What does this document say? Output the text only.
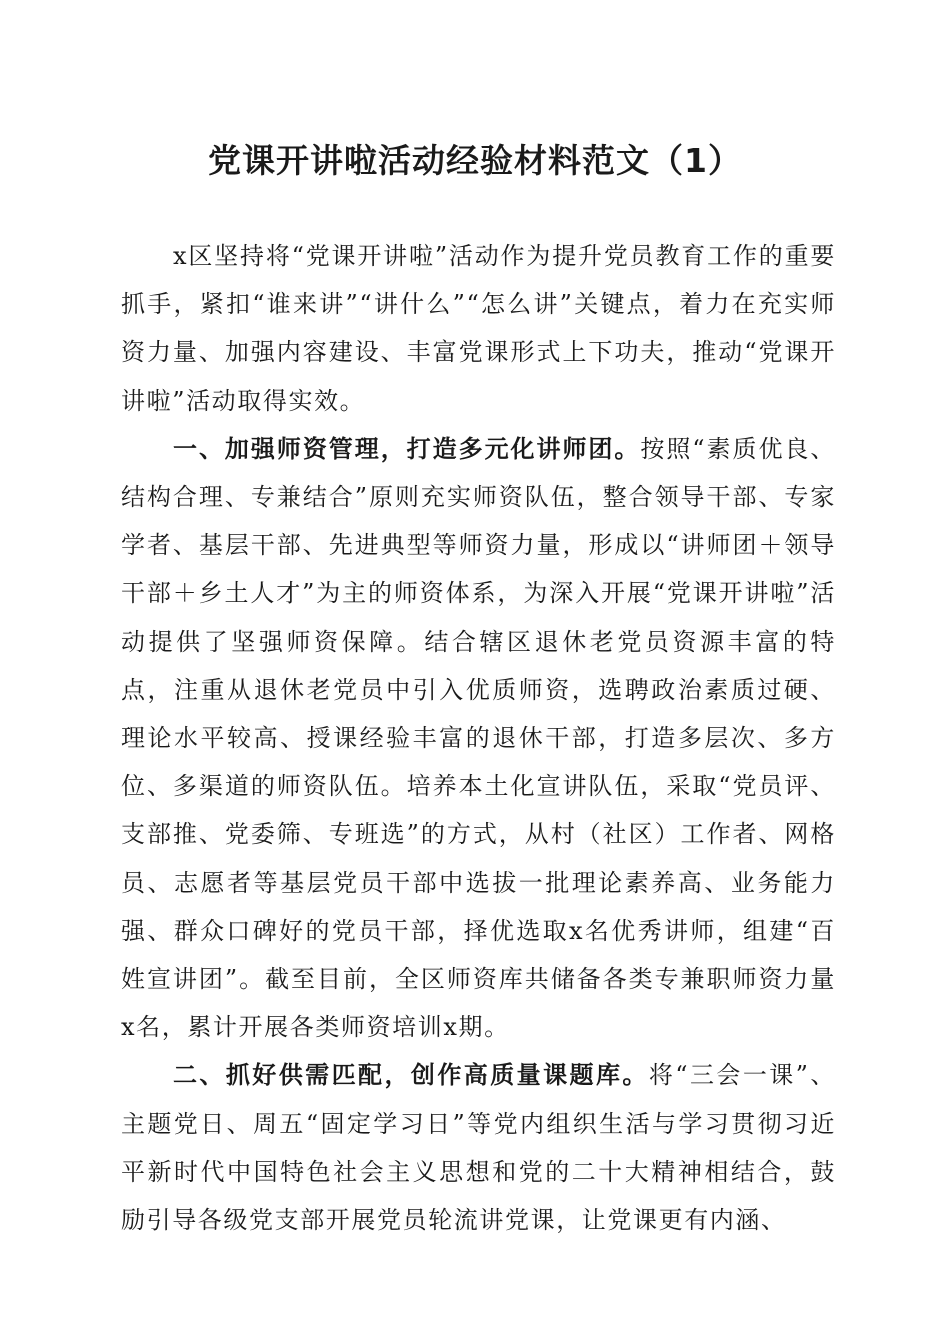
党课开讲啦活动经验材料范文（1）

x区坚持将“党课开讲啦”活动作为提升党员教育工作的重要抓手，紧扣“谁来讲”“讲什么”“怎么讲”关键点，着力在充实师资力量、加强内容建设、丰富党课形式上下功夫，推动“党课开讲啦”活动取得实效。

一、加强师资管理，打造多元化讲师团。按照“素质优良、结构合理、专兼结合”原则充实师资队伍，整合领导干部、专家学者、基层干部、先进典型等师资力量，形成以“讲师团＋领导干部＋乡土人才”为主的师资体系，为深入开展“党课开讲啦”活动提供了坚强师资保障。结合辖区退休老党员资源丰富的特点，注重从退休老党员中引入优质师资，选聘政治素质过硬、理论水平较高、授课经验丰富的退休干部，打造多层次、多方位、多渠道的师资队伍。培养本土化宣讲队伍，采取“党员评、支部推、党委筛、专班选”的方式，从村（社区）工作者、网格员、志愿者等基层党员干部中选拔一批理论素养高、业务能力强、群众口碑好的党员干部，择优选取x名优秀讲师，组建“百姓宣讲团”。截至目前，全区师资库共储备各类专兼职师资力量x名，累计开展各类师资培训x期。

二、抓好供需匹配，创作高质量课题库。将“三会一课”、主题党日、周五“固定学习日”等党内组织生活与学习贯彻习近平新时代中国特色社会主义思想和党的二十大精神相结合，鼓励引导各级党支部开展党员轮流讲党课，让党课更有内涵、
